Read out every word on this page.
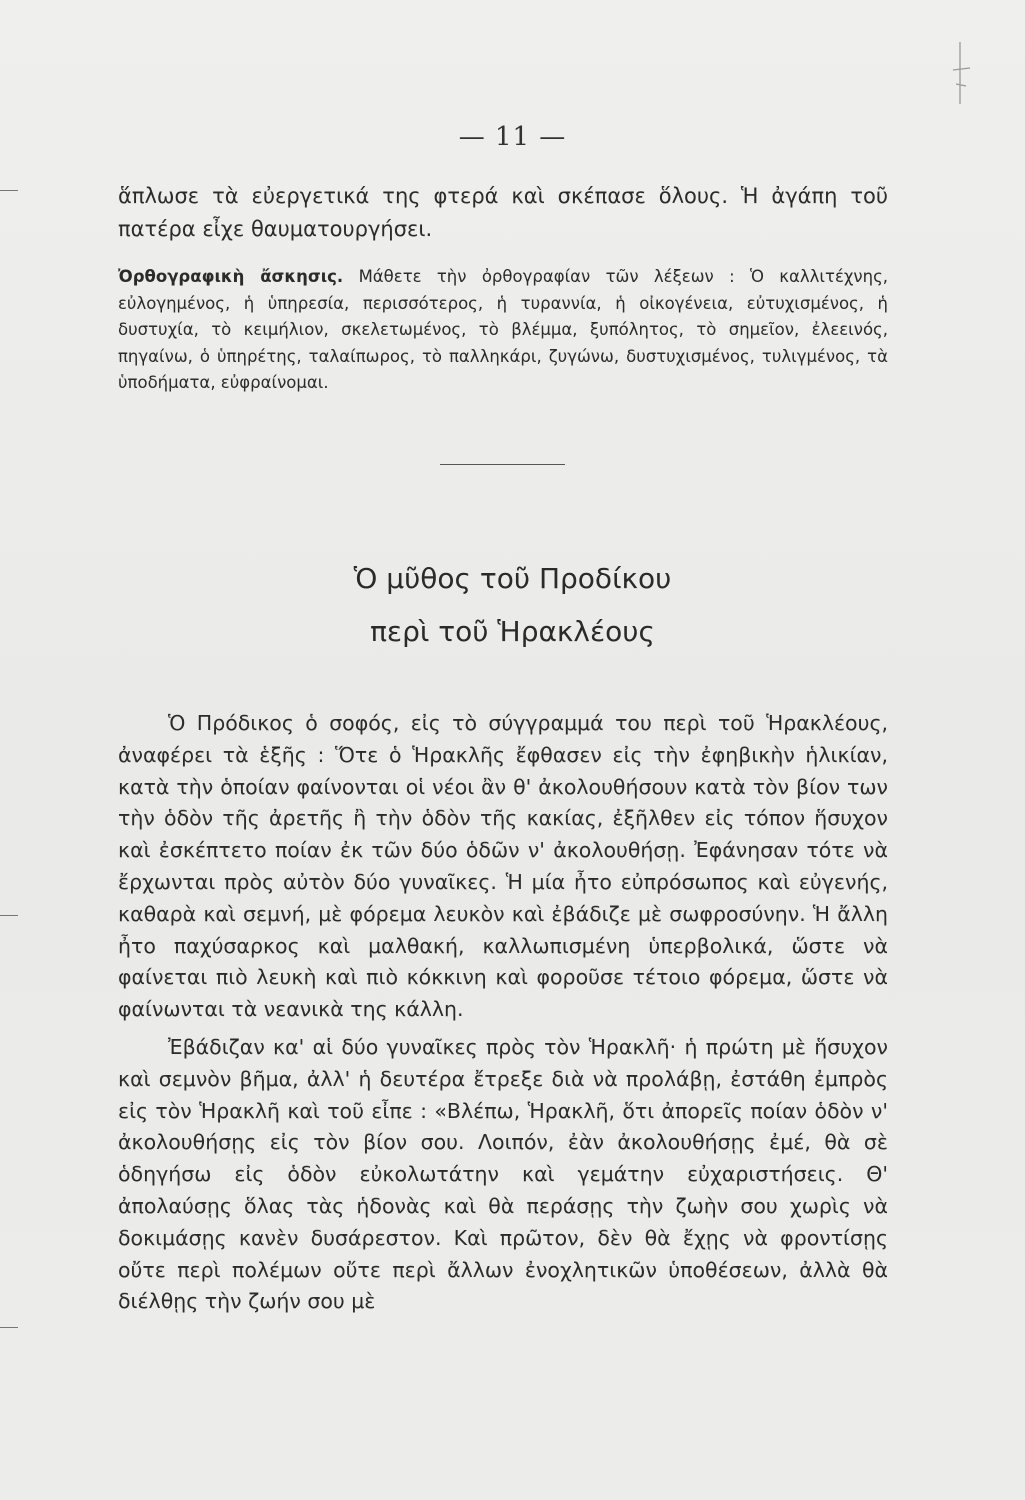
— 11 —
ἅπλωσε τὰ εὐεργετικά της φτερά καὶ σκέπασε ὅλους. Ἡ ἀγάπη τοῦ πατέρα εἶχε θαυματουργήσει.
Ὀρθογραφικὴ ἄσκησις. Μάθετε τὴν ὀρθογραφίαν τῶν λέξεων : Ὁ καλλιτέχνης, εὐλογημένος, ἡ ὑπηρεσία, περισσότερος, ἡ τυραννία, ἡ οἰκογένεια, εὐτυχισμένος, ἡ δυστυχία, τὸ κειμήλιον, σκελετωμένος, τὸ βλέμμα, ξυπόλητος, τὸ σημεῖον, ἐλεεινός, πηγαίνω, ὁ ὑπηρέτης, ταλαίπωρος, τὸ παλληκάρι, ζυγώνω, δυστυχισμένος, τυλιγμένος, τὰ ὑποδήματα, εὐφραίνομαι.
Ὁ μῦθος τοῦ Προδίκου
περὶ τοῦ Ἡρακλέους

Ὁ Πρόδικος ὁ σοφός, εἰς τὸ σύγγραμμά του περὶ τοῦ Ἡρακλέους, ἀναφέρει τὰ ἑξῆς : Ὅτε ὁ Ἡρακλῆς ἔφθασεν εἰς τὴν ἐφηβικὴν ἡλικίαν, κατὰ τὴν ὁποίαν φαίνονται οἱ νέοι ἂν θ' ἀκολουθήσουν κατὰ τὸν βίον των τὴν ὁδὸν τῆς ἀρετῆς ἢ τὴν ὁδὸν τῆς κακίας, ἐξῆλθεν εἰς τόπον ἥσυχον καὶ ἐσκέπτετο ποίαν ἐκ τῶν δύο ὁδῶν ν' ἀκολουθήσῃ. Ἐφάνησαν τότε νὰ ἔρχωνται πρὸς αὐτὸν δύο γυναῖκες. Ἡ μία ἦτο εὐπρόσωπος καὶ εὐγενής, καθαρὰ καὶ σεμνή, μὲ φόρεμα λευκὸν καὶ ἐβάδιζε μὲ σωφροσύνην. Ἡ ἄλλη ἦτο παχύσαρκος καὶ μαλθακή, καλλωπισμένη ὑπερβολικά, ὥστε νὰ φαίνεται πιὸ λευκὴ καὶ πιὸ κόκκινη καὶ φοροῦσε τέτοιο φόρεμα, ὥστε νὰ φαίνωνται τὰ νεανικὰ της κάλλη.

Ἐβάδιζαν κα' αἱ δύο γυναῖκες πρὸς τὸν Ἡρακλῆ· ἡ πρώτη μὲ ἥσυχον καὶ σεμνὸν βῆμα, ἀλλ' ἡ δευτέρα ἔτρεξε διὰ νὰ προλάβῃ, ἐστάθη ἐμπρὸς εἰς τὸν Ἡρακλῆ καὶ τοῦ εἶπε : «Βλέπω, Ἡρακλῆ, ὅτι ἀπορεῖς ποίαν ὁδὸν ν' ἀκολουθήσῃς εἰς τὸν βίον σου. Λοιπόν, ἐὰν ἀκολουθήσῃς ἐμέ, θὰ σὲ ὁδηγήσω εἰς ὁδὸν εὐκολωτάτην καὶ γεμάτην εὐχαριστήσεις. Θ' ἀπολαύσῃς ὅλας τὰς ἡδονὰς καὶ θὰ περάσῃς τὴν ζωὴν σου χωρὶς νὰ δοκιμάσῃς κανὲν δυσάρεστον. Καὶ πρῶτον, δὲν θὰ ἔχῃς νὰ φροντίσῃς οὔτε περὶ πολέμων οὔτε περὶ ἄλλων ἐνοχλητικῶν ὑποθέσεων, ἀλλὰ θὰ διέλθῃς τὴν ζωήν σου μὲ
